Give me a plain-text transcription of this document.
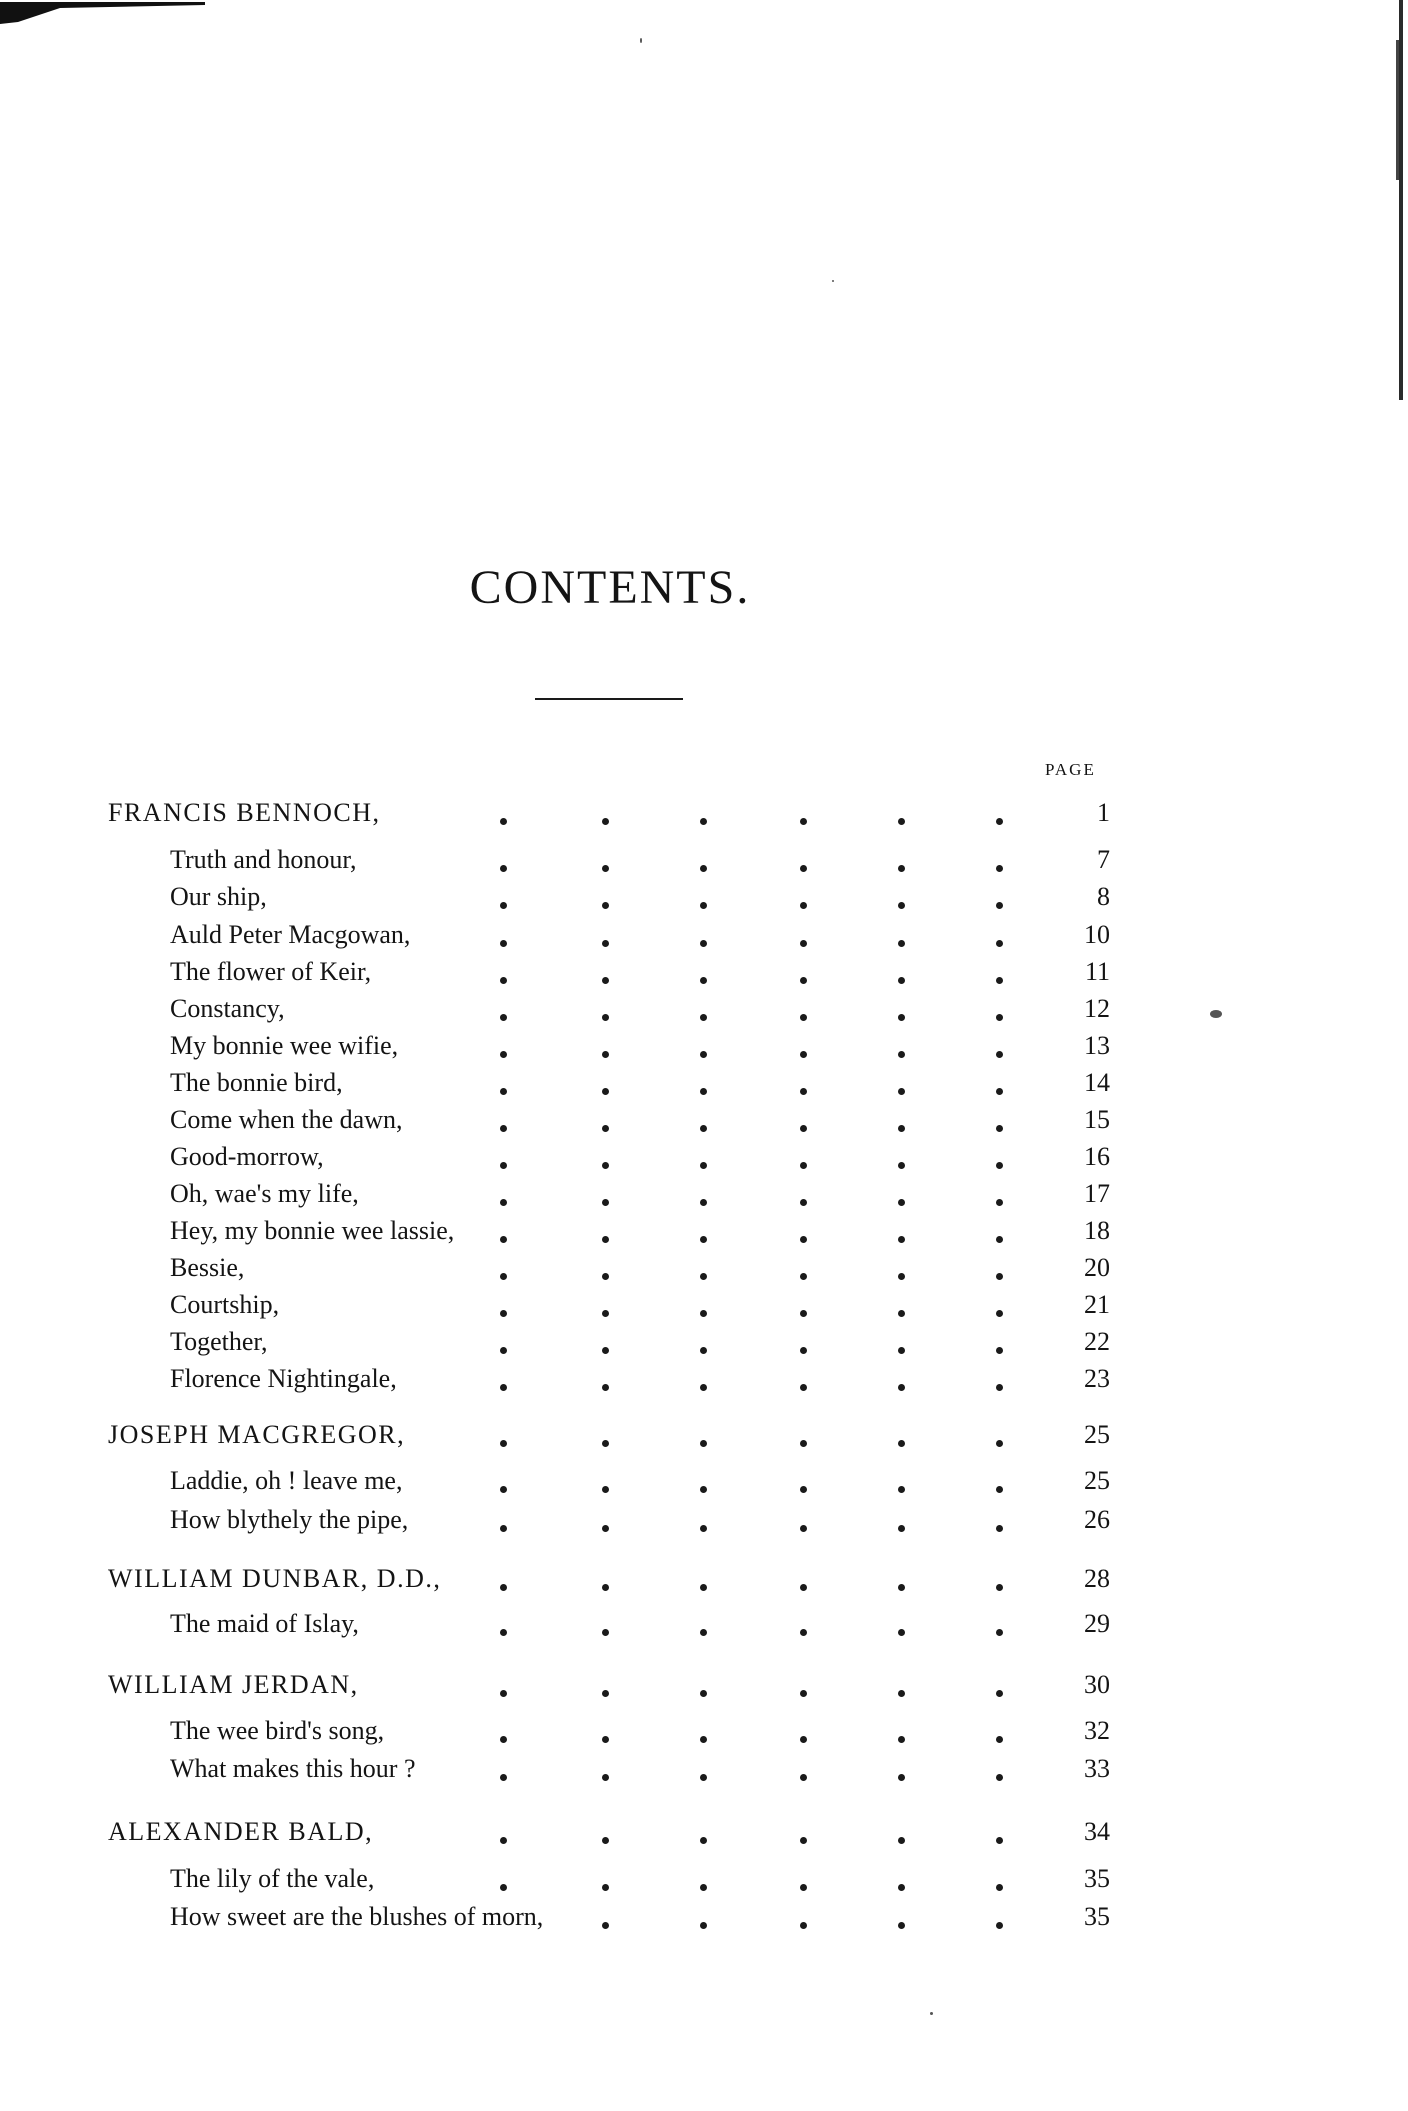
CONTENTS.
PAGE
FRANCIS BENNOCH,	1
Truth and honour,	7
Our ship,	8
Auld Peter Macgowan,	10
The flower of Keir,	11
Constancy,	12
My bonnie wee wifie,	13
The bonnie bird,	14
Come when the dawn,	15
Good-morrow,	16
Oh, wae's my life,	17
Hey, my bonnie wee lassie,	18
Bessie,	20
Courtship,	21
Together,	22
Florence Nightingale,	23
JOSEPH MACGREGOR,	25
Laddie, oh ! leave me,	25
How blythely the pipe,	26
WILLIAM DUNBAR, D.D.,	28
The maid of Islay,	29
WILLIAM JERDAN,	30
The wee bird's song,	32
What makes this hour ?	33
ALEXANDER BALD,	34
The lily of the vale,	35
How sweet are the blushes of morn,	35
